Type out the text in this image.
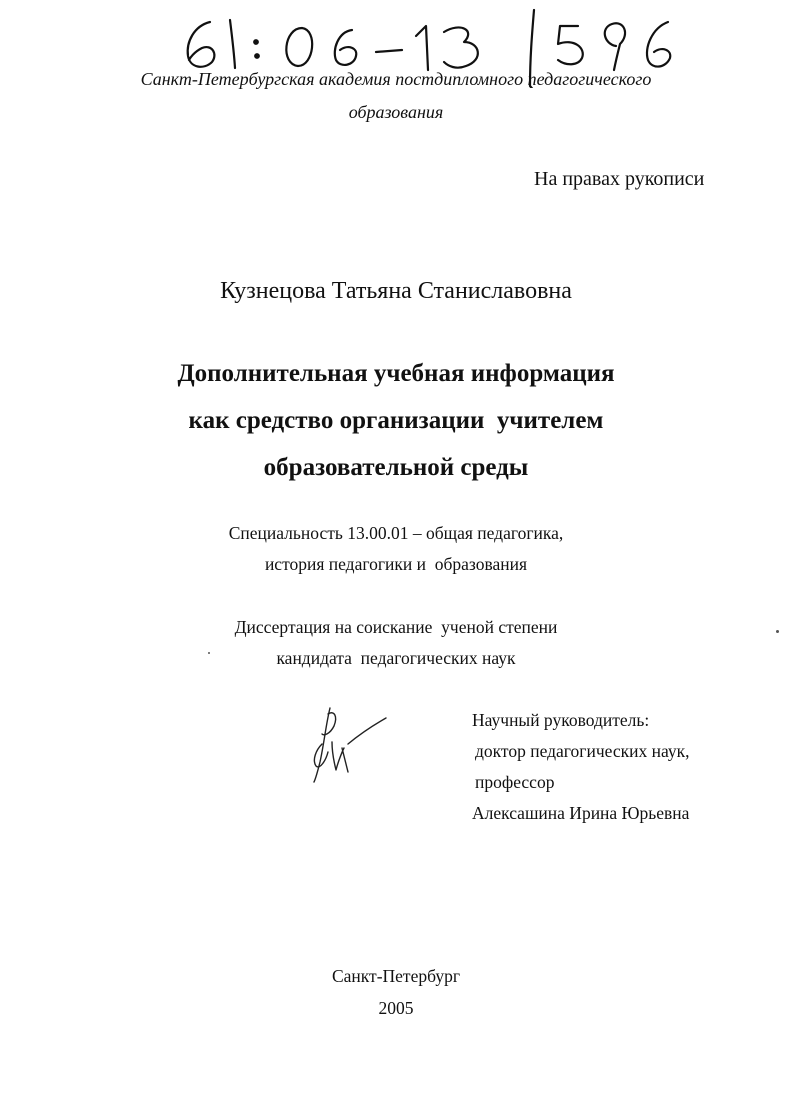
Санкт-Петербургская академия постдипломного педагогического
образования
На правах рукописи
Кузнецова Татьяна Станиславовна
Дополнительная учебная информация
как средство организации  учителем
образовательной среды
Специальность 13.00.01 – общая педагогика,
история педагогики и  образования
Диссертация на соискание  ученой степени
кандидата  педагогических наук
Научный руководитель:
доктор педагогических наук,
профессор
Алексашина Ирина Юрьевна
Санкт-Петербург
2005
